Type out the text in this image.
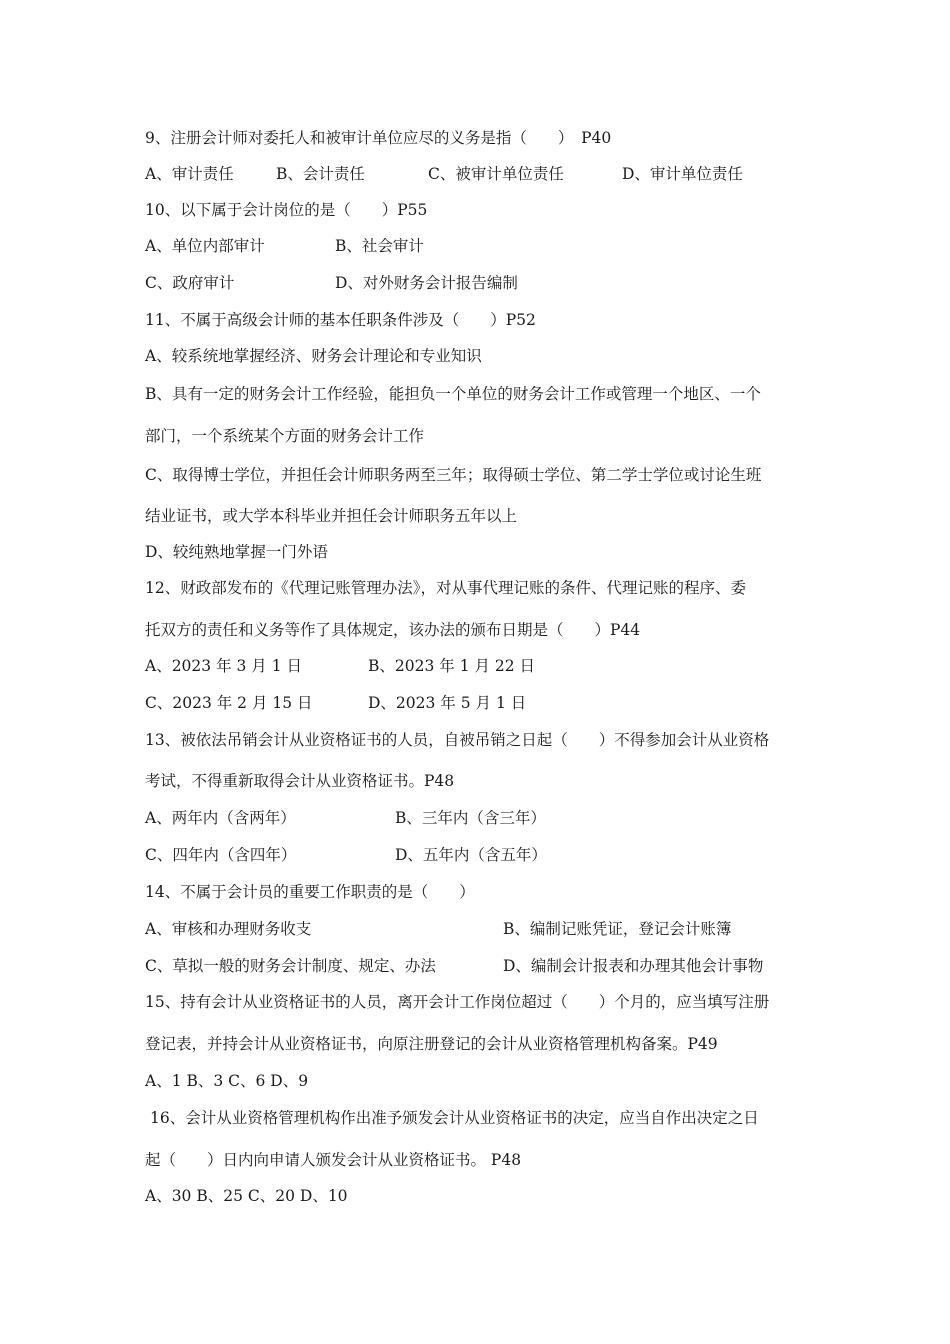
9、注册会计师对委托人和被审计单位应尽的义务是指（　　）　P40
A、审计责任	B、会计责任	C、被审计单位责任	D、审计单位责任
10、以下属于会计岗位的是（　　）P55
A、单位内部审计	B、社会审计
C、政府审计	D、对外财务会计报告编制
11、不属于高级会计师的基本任职条件涉及（　　）P52
A、较系统地掌握经济、财务会计理论和专业知识
B、具有一定的财务会计工作经验，能担负一个单位的财务会计工作或管理一个地区、一个
部门，一个系统某个方面的财务会计工作
C、取得博士学位，并担任会计师职务两至三年；取得硕士学位、第二学士学位或讨论生班
结业证书，或大学本科毕业并担任会计师职务五年以上
D、较纯熟地掌握一门外语
12、财政部发布的《代理记账管理办法》，对从事代理记账的条件、代理记账的程序、委
托双方的责任和义务等作了具体规定，该办法的颁布日期是（　　）P44
A、2023 年 3 月 1 日	B、2023 年 1 月 22 日
C、2023 年 2 月 15 日	D、2023 年 5 月 1 日
13、被依法吊销会计从业资格证书的人员，自被吊销之日起（　　）不得参加会计从业资格
考试，不得重新取得会计从业资格证书。P48
A、两年内（含两年）	B、三年内（含三年）
C、四年内（含四年）	D、五年内（含五年）
14、不属于会计员的重要工作职责的是（　　）
A、审核和办理财务收支	B、编制记账凭证，登记会计账簿
C、草拟一般的财务会计制度、规定、办法	D、编制会计报表和办理其他会计事物
15、持有会计从业资格证书的人员，离开会计工作岗位超过（　　）个月的，应当填写注册
登记表，并持会计从业资格证书，向原注册登记的会计从业资格管理机构备案。P49
A、1 B、3 C、6 D、9
16、会计从业资格管理机构作出准予颁发会计从业资格证书的决定，应当自作出决定之日
起（　　）日内向申请人颁发会计从业资格证书。 P48
A、30 B、25 C、20 D、10
